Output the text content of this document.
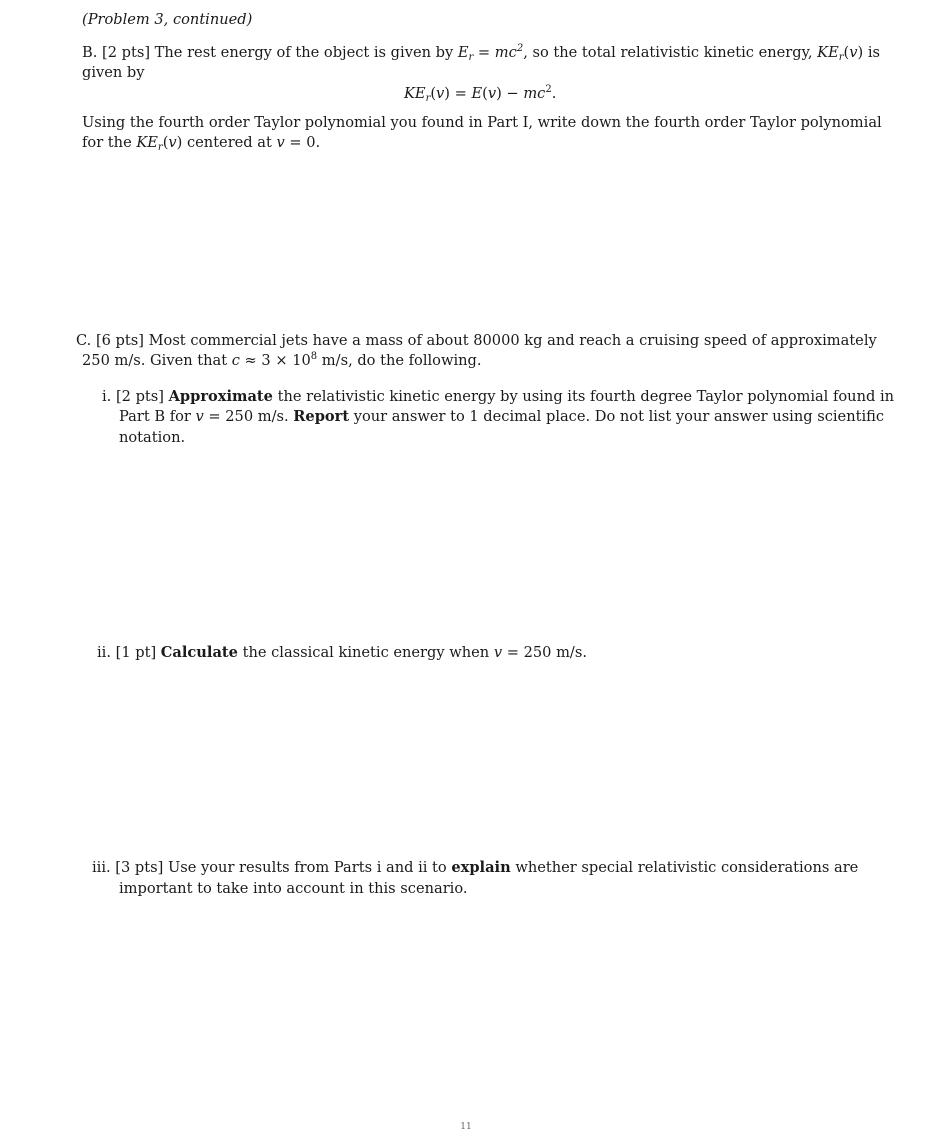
(Problem 3, continued)

B. [2 pts] The rest energy of the object is given by $E_r = mc^2$, so the total relativistic kinetic energy, $KE_r(v)$ is

given by

$KE_r(v) = E(v) - mc^2$.

Using the fourth order Taylor polynomial you found in Part I, write down the fourth order Taylor polynomial

for the $KE_r(v)$ centered at v = 0.

C. [6 pts] Most commercial jets have a mass of about 80000 kg and reach a cruising speed of approximately

250 m/s. Given that $c \approx 3 \times 10^8$ m/s, do the following.

i. [2 pts] Approximate the relativistic kinetic energy by using its fourth degree Taylor polynomial found in

Part B for v = 250 m/s. Report your answer to 1 decimal place. Do not list your answer using scientific

notation.

ii. [1 pt] Calculate the classical kinetic energy when v = 250 m/s.

iii. [3 pts] Use your results from Parts i and ii to explain whether special relativistic considerations are

important to take into account in this scenario.

11
